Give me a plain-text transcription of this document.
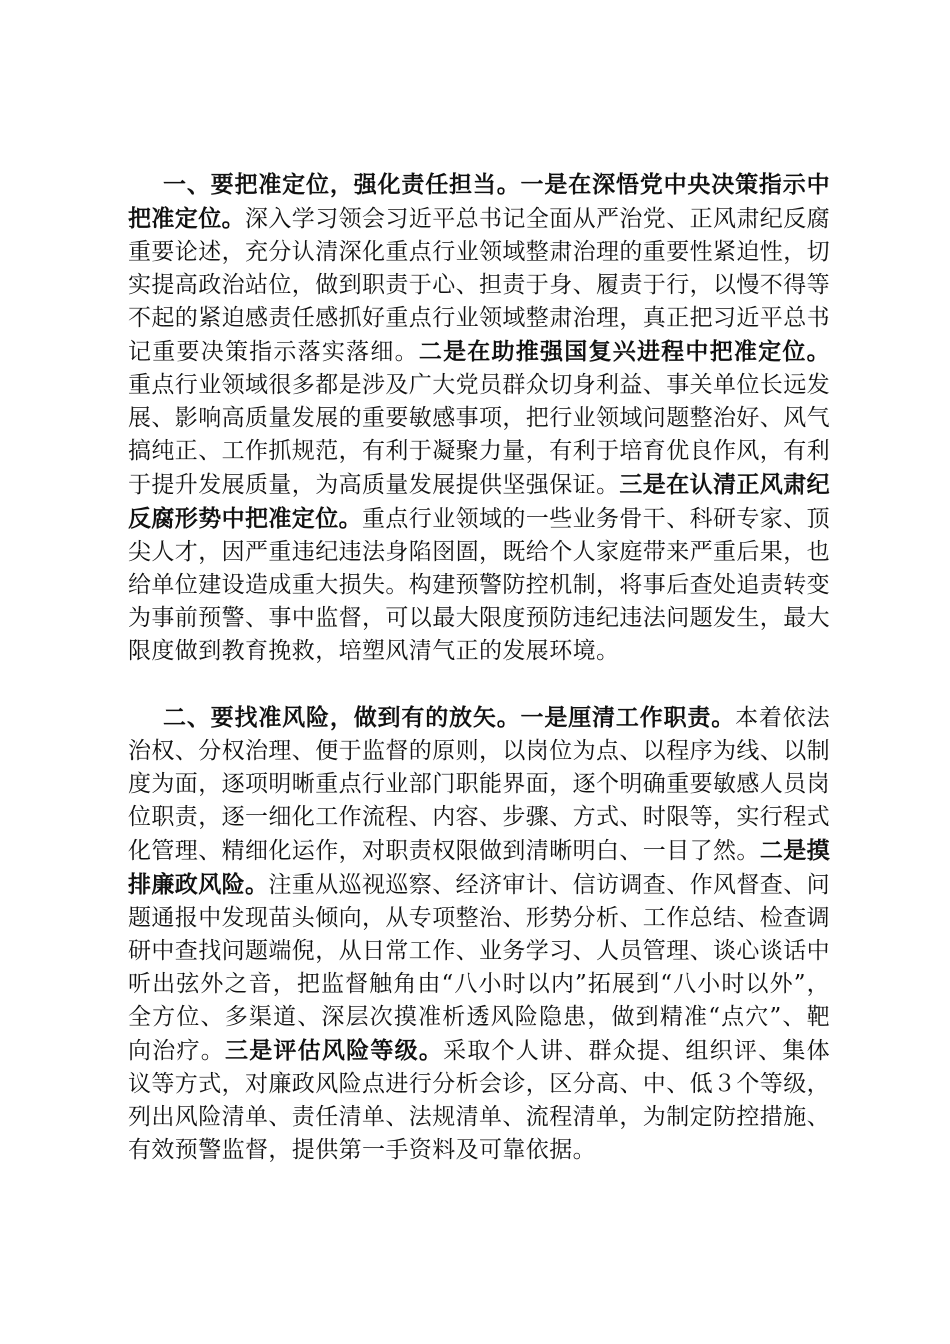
一、要把准定位，强化责任担当。一是在深悟党中央决策指示中把准定位。深入学习领会习近平总书记全面从严治党、正风肃纪反腐重要论述，充分认清深化重点行业领域整肃治理的重要性紧迫性，切实提高政治站位，做到职责于心、担责于身、履责于行，以慢不得等不起的紧迫感责任感抓好重点行业领域整肃治理，真正把习近平总书记重要决策指示落实落细。二是在助推强国复兴进程中把准定位。重点行业领域很多都是涉及广大党员群众切身利益、事关单位长远发展、影响高质量发展的重要敏感事项，把行业领域问题整治好、风气搞纯正、工作抓规范，有利于凝聚力量，有利于培育优良作风，有利于提升发展质量，为高质量发展提供坚强保证。三是在认清正风肃纪反腐形势中把准定位。重点行业领域的一些业务骨干、科研专家、顶尖人才，因严重违纪违法身陷囹圄，既给个人家庭带来严重后果，也给单位建设造成重大损失。构建预警防控机制，将事后查处追责转变为事前预警、事中监督，可以最大限度预防违纪违法问题发生，最大限度做到教育挽救，培塑风清气正的发展环境。

二、要找准风险，做到有的放矢。一是厘清工作职责。本着依法治权、分权治理、便于监督的原则，以岗位为点、以程序为线、以制度为面，逐项明晰重点行业部门职能界面，逐个明确重要敏感人员岗位职责，逐一细化工作流程、内容、步骤、方式、时限等，实行程式化管理、精细化运作，对职责权限做到清晰明白、一目了然。二是摸排廉政风险。注重从巡视巡察、经济审计、信访调查、作风督查、问题通报中发现苗头倾向，从专项整治、形势分析、工作总结、检查调研中查找问题端倪，从日常工作、业务学习、人员管理、谈心谈话中听出弦外之音，把监督触角由“八小时以内”拓展到“八小时以外”，全方位、多渠道、深层次摸准析透风险隐患，做到精准“点穴”、靶向治疗。三是评估风险等级。采取个人讲、群众提、组织评、集体议等方式，对廉政风险点进行分析会诊，区分高、中、低３个等级，列出风险清单、责任清单、法规清单、流程清单，为制定防控措施、有效预警监督，提供第一手资料及可靠依据。
